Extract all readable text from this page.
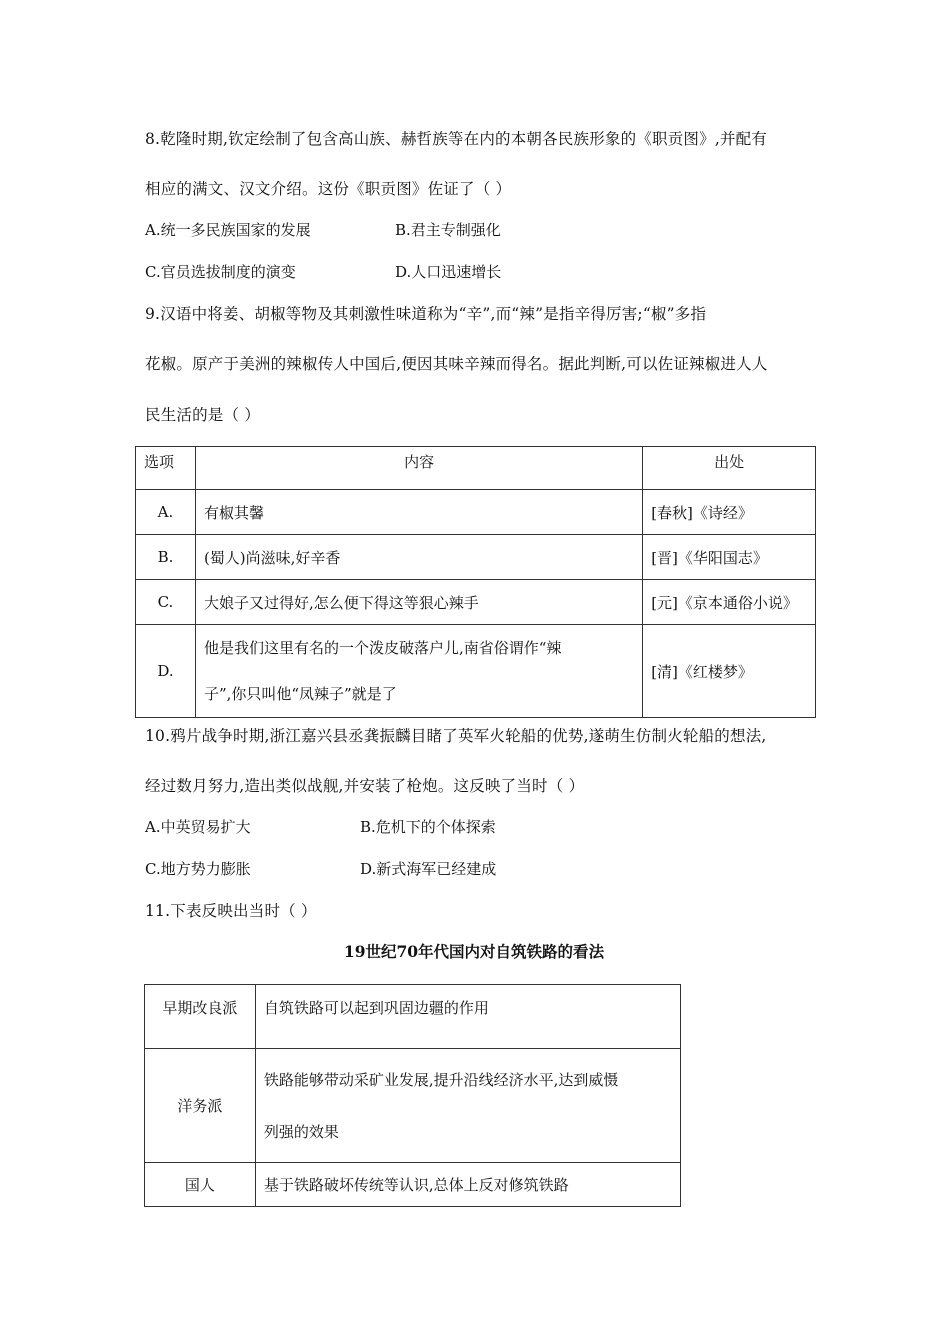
8.乾隆时期,钦定绘制了包含高山族、赫哲族等在内的本朝各民族形象的《职贡图》,并配有
相应的满文、汉文介绍。这份《职贡图》佐证了（ ）
A.统一多民族国家的发展	B.君主专制强化
C.官员选拔制度的演变	D.人口迅速增长
9.汉语中将姜、胡椒等物及其刺激性味道称为“辛”,而“辣”是指辛得厉害;“椒”多指
花椒。原产于美洲的辣椒传人中国后,便因其味辛辣而得名。据此判断,可以佐证辣椒进人人
民生活的是（ ）
选项	内容	出处
A.	有椒其馨	[春秋]《诗经》
B.	(蜀人)尚滋味,好辛香	[晋]《华阳国志》
C.	大娘子又过得好,怎么便下得这等狠心辣手	[元]《京本通俗小说》
D.	他是我们这里有名的一个泼皮破落户儿,南省俗谓作“辣
子”,你只叫他“凤辣子”就是了	[清]《红楼梦》
10.鸦片战争时期,浙江嘉兴县丞龚振麟目睹了英军火轮船的优势,遂萌生仿制火轮船的想法,
经过数月努力,造出类似战舰,并安装了枪炮。这反映了当时（ ）
A.中英贸易扩大	B.危机下的个体探索
C.地方势力膨胀	D.新式海军已经建成
11.下表反映出当时（ ）
19世纪70年代国内对自筑铁路的看法
早期改良派	自筑铁路可以起到巩固边疆的作用
洋务派	铁路能够带动采矿业发展,提升沿线经济水平,达到威慑
列强的效果

国人	基于铁路破坏传统等认识,总体上反对修筑铁路
